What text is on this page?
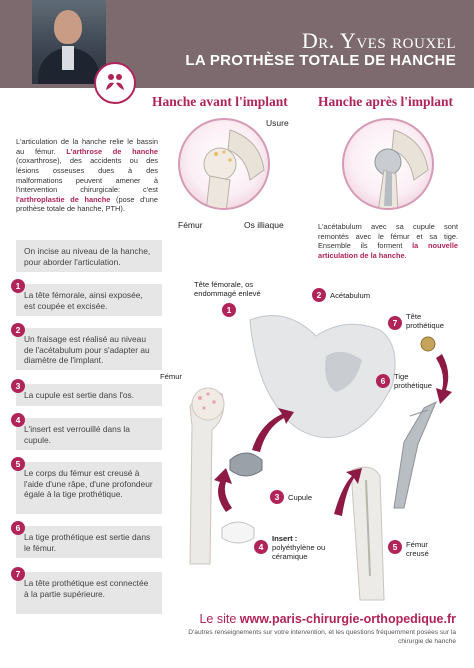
Dr. Yves rouxel
LA PROTHÈSE TOTALE DE HANCHE
Hanche avant l'implant Hanche après l'implant
Usure
Fémur	Os illiaque
L'articulation de la hanche relie le bassin au fémur. L'arthrose de hanche (coxarthrose), des accidents ou des lésions osseuses dues à des malformations peuvent amener à l'intervention chirurgicale: c'est l'arthroplastie de hanche (pose d'une prothèse totale de hanche, PTH).
L'acétabulum avec sa cupule sont remontés avec le fémur et sa tige. Ensemble ils forment la nouvelle articulation de la hanche.
On incise au niveau de la hanche, pour aborder l'articulation.
La tête fémorale, ainsi exposée, est coupée et excisée.
1
Un fraisage est réalisé au niveau de l'acétabulum pour s'adapter au diamètre de l'implant.
2
La cupule est sertie dans l'os.
3
L'insert est verrouillé dans la cupule.
4
Le corps du fémur est creusé à l'aide d'une râpe, d'une profondeur égale à la tige prothétique.
5
La tige prothétique est sertie dans le fémur.
6
La tête prothétique est connectée à la partie supérieure.
7
Tête fémorale, os endommagé enlevé
1
2	Acétabulum
Fémur
7
Tête prothétique
6	Tige prothétique
3	Cupule
4
Insert :
polyéthylène ou céramique
5	Fémur creusé
Le site www.paris-chirurgie-orthopedique.fr
D'autres renseignements sur votre intervention, et les questions fréquemment posées sur la chirurgie de hanche
